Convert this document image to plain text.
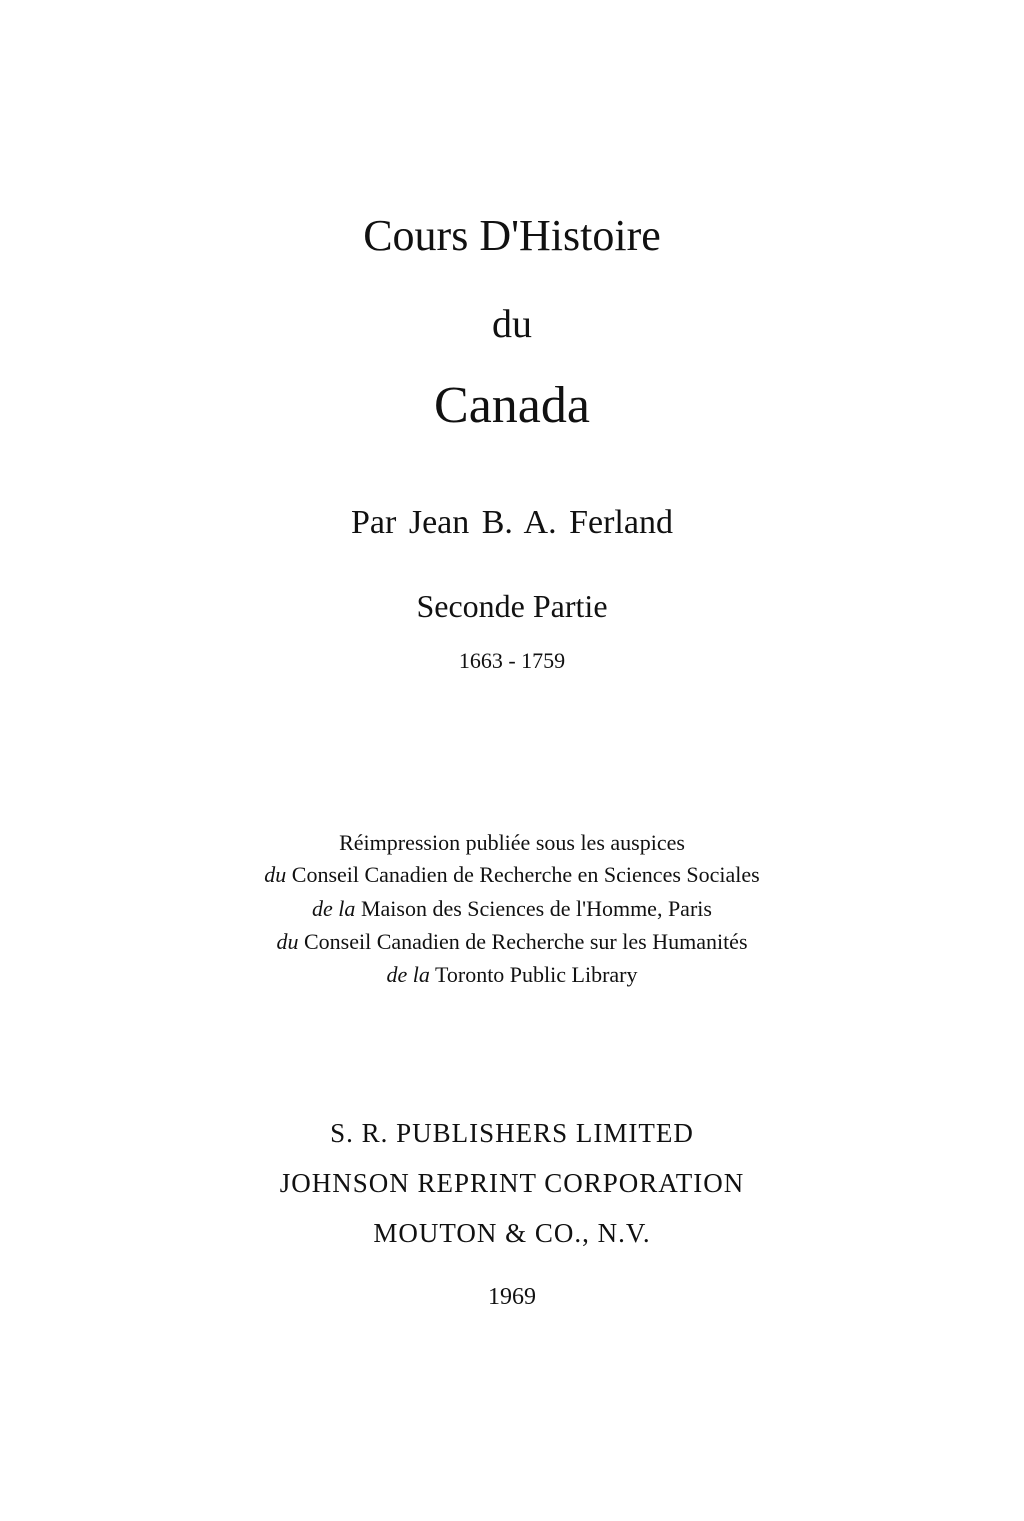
Cours D'Histoire
du
Canada
Par Jean B. A. Ferland
Seconde Partie
1663 - 1759
Réimpression publiée sous les auspices
du Conseil Canadien de Recherche en Sciences Sociales
de la Maison des Sciences de l'Homme, Paris
du Conseil Canadien de Recherche sur les Humanités
de la Toronto Public Library
S. R. PUBLISHERS LIMITED
JOHNSON REPRINT CORPORATION
MOUTON & CO., N.V.
1969
